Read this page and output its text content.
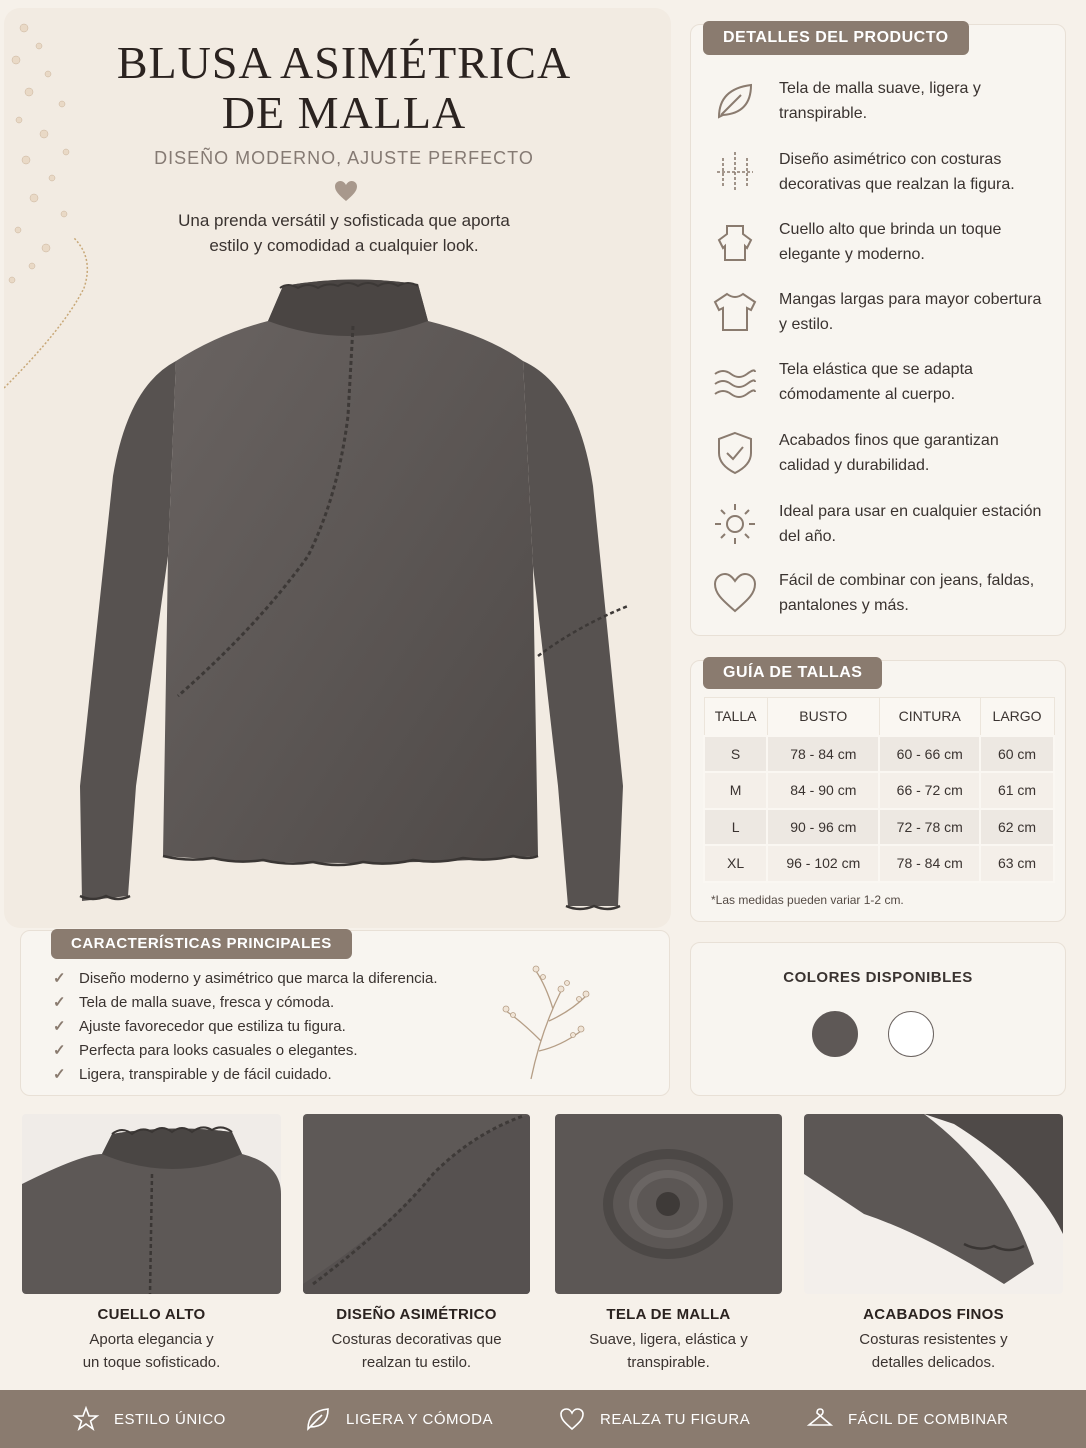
BLUSA ASIMÉTRICA
DE MALLA
DISEÑO MODERNO, AJUSTE PERFECTO
Una prenda versátil y sofisticada que aporta estilo y comodidad a cualquier look.
DETALLES DEL PRODUCTO
Tela de malla suave, ligera y transpirable.
Diseño asimétrico con costuras decorativas que realzan la figura.
Cuello alto que brinda un toque elegante y moderno.
Mangas largas para mayor cobertura y estilo.
Tela elástica que se adapta cómodamente al cuerpo.
Acabados finos que garantizan calidad y durabilidad.
Ideal para usar en cualquier estación del año.
Fácil de combinar con jeans, faldas, pantalones y más.
GUÍA DE TALLAS
TALLA	BUSTO	CINTURA	LARGO
S	78 - 84 cm	60 - 66 cm	60 cm
M	84 - 90 cm	66 - 72 cm	61 cm
L	90 - 96 cm	72 - 78 cm	62 cm
XL	96 - 102 cm	78 - 84 cm	63 cm
*Las medidas pueden variar 1-2 cm.
CARACTERÍSTICAS PRINCIPALES
✓ Diseño moderno y asimétrico que marca la diferencia.
✓ Tela de malla suave, fresca y cómoda.
✓ Ajuste favorecedor que estiliza tu figura.
✓ Perfecta para looks casuales o elegantes.
✓ Ligera, transpirable y de fácil cuidado.
COLORES DISPONIBLES
CUELLO ALTO
Aporta elegancia y
un toque sofisticado.
DISEÑO ASIMÉTRICO
Costuras decorativas que
realzan tu estilo.
TELA DE MALLA
Suave, ligera, elástica y
transpirable.
ACABADOS FINOS
Costuras resistentes y
detalles delicados.
ESTILO ÚNICO	LIGERA Y CÓMODA	REALZA TU FIGURA	FÁCIL DE COMBINAR
